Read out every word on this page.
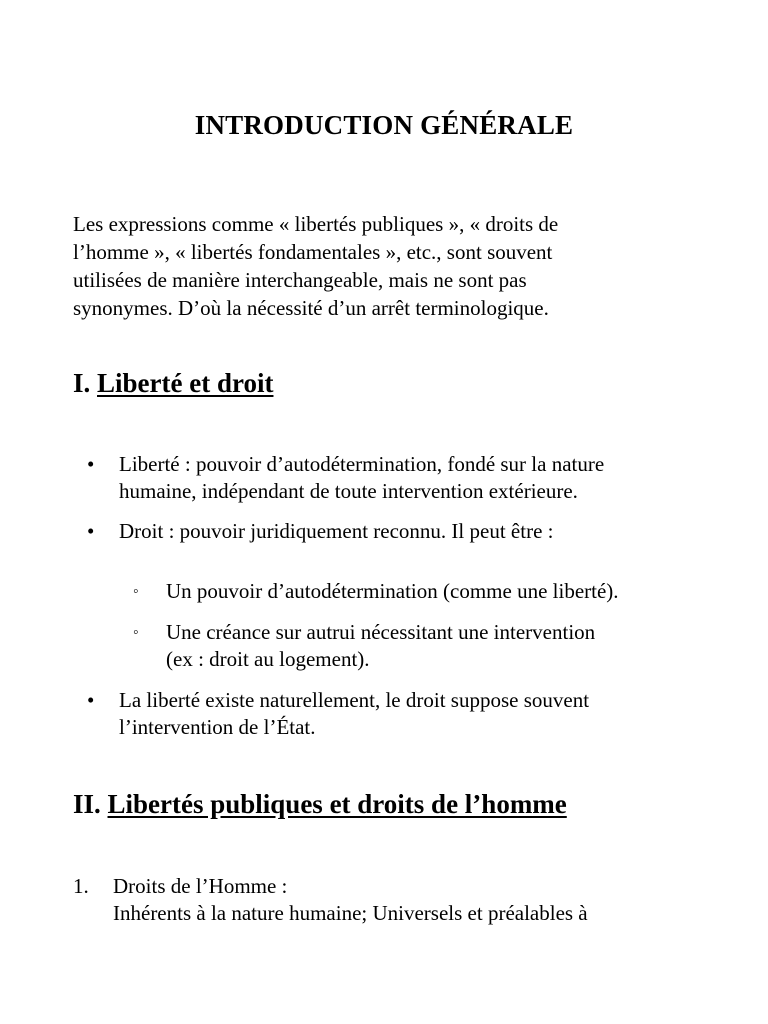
INTRODUCTION GÉNÉRALE
Les expressions comme « libertés publiques », « droits de
l’homme », « libertés fondamentales », etc., sont souvent
utilisées de manière interchangeable, mais ne sont pas
synonymes. D’où la nécessité d’un arrêt terminologique.
I. Liberté et droit
• Liberté : pouvoir d’autodétermination, fondé sur la nature
humaine, indépendant de toute intervention extérieure.
• Droit : pouvoir juridiquement reconnu. Il peut être :
◦ Un pouvoir d’autodétermination (comme une liberté).
◦ Une créance sur autrui nécessitant une intervention
(ex : droit au logement).
• La liberté existe naturellement, le droit suppose souvent
l’intervention de l’État.
II. Libertés publiques et droits de l’homme
1. Droits de l’Homme :
Inhérents à la nature humaine; Universels et préalables à
